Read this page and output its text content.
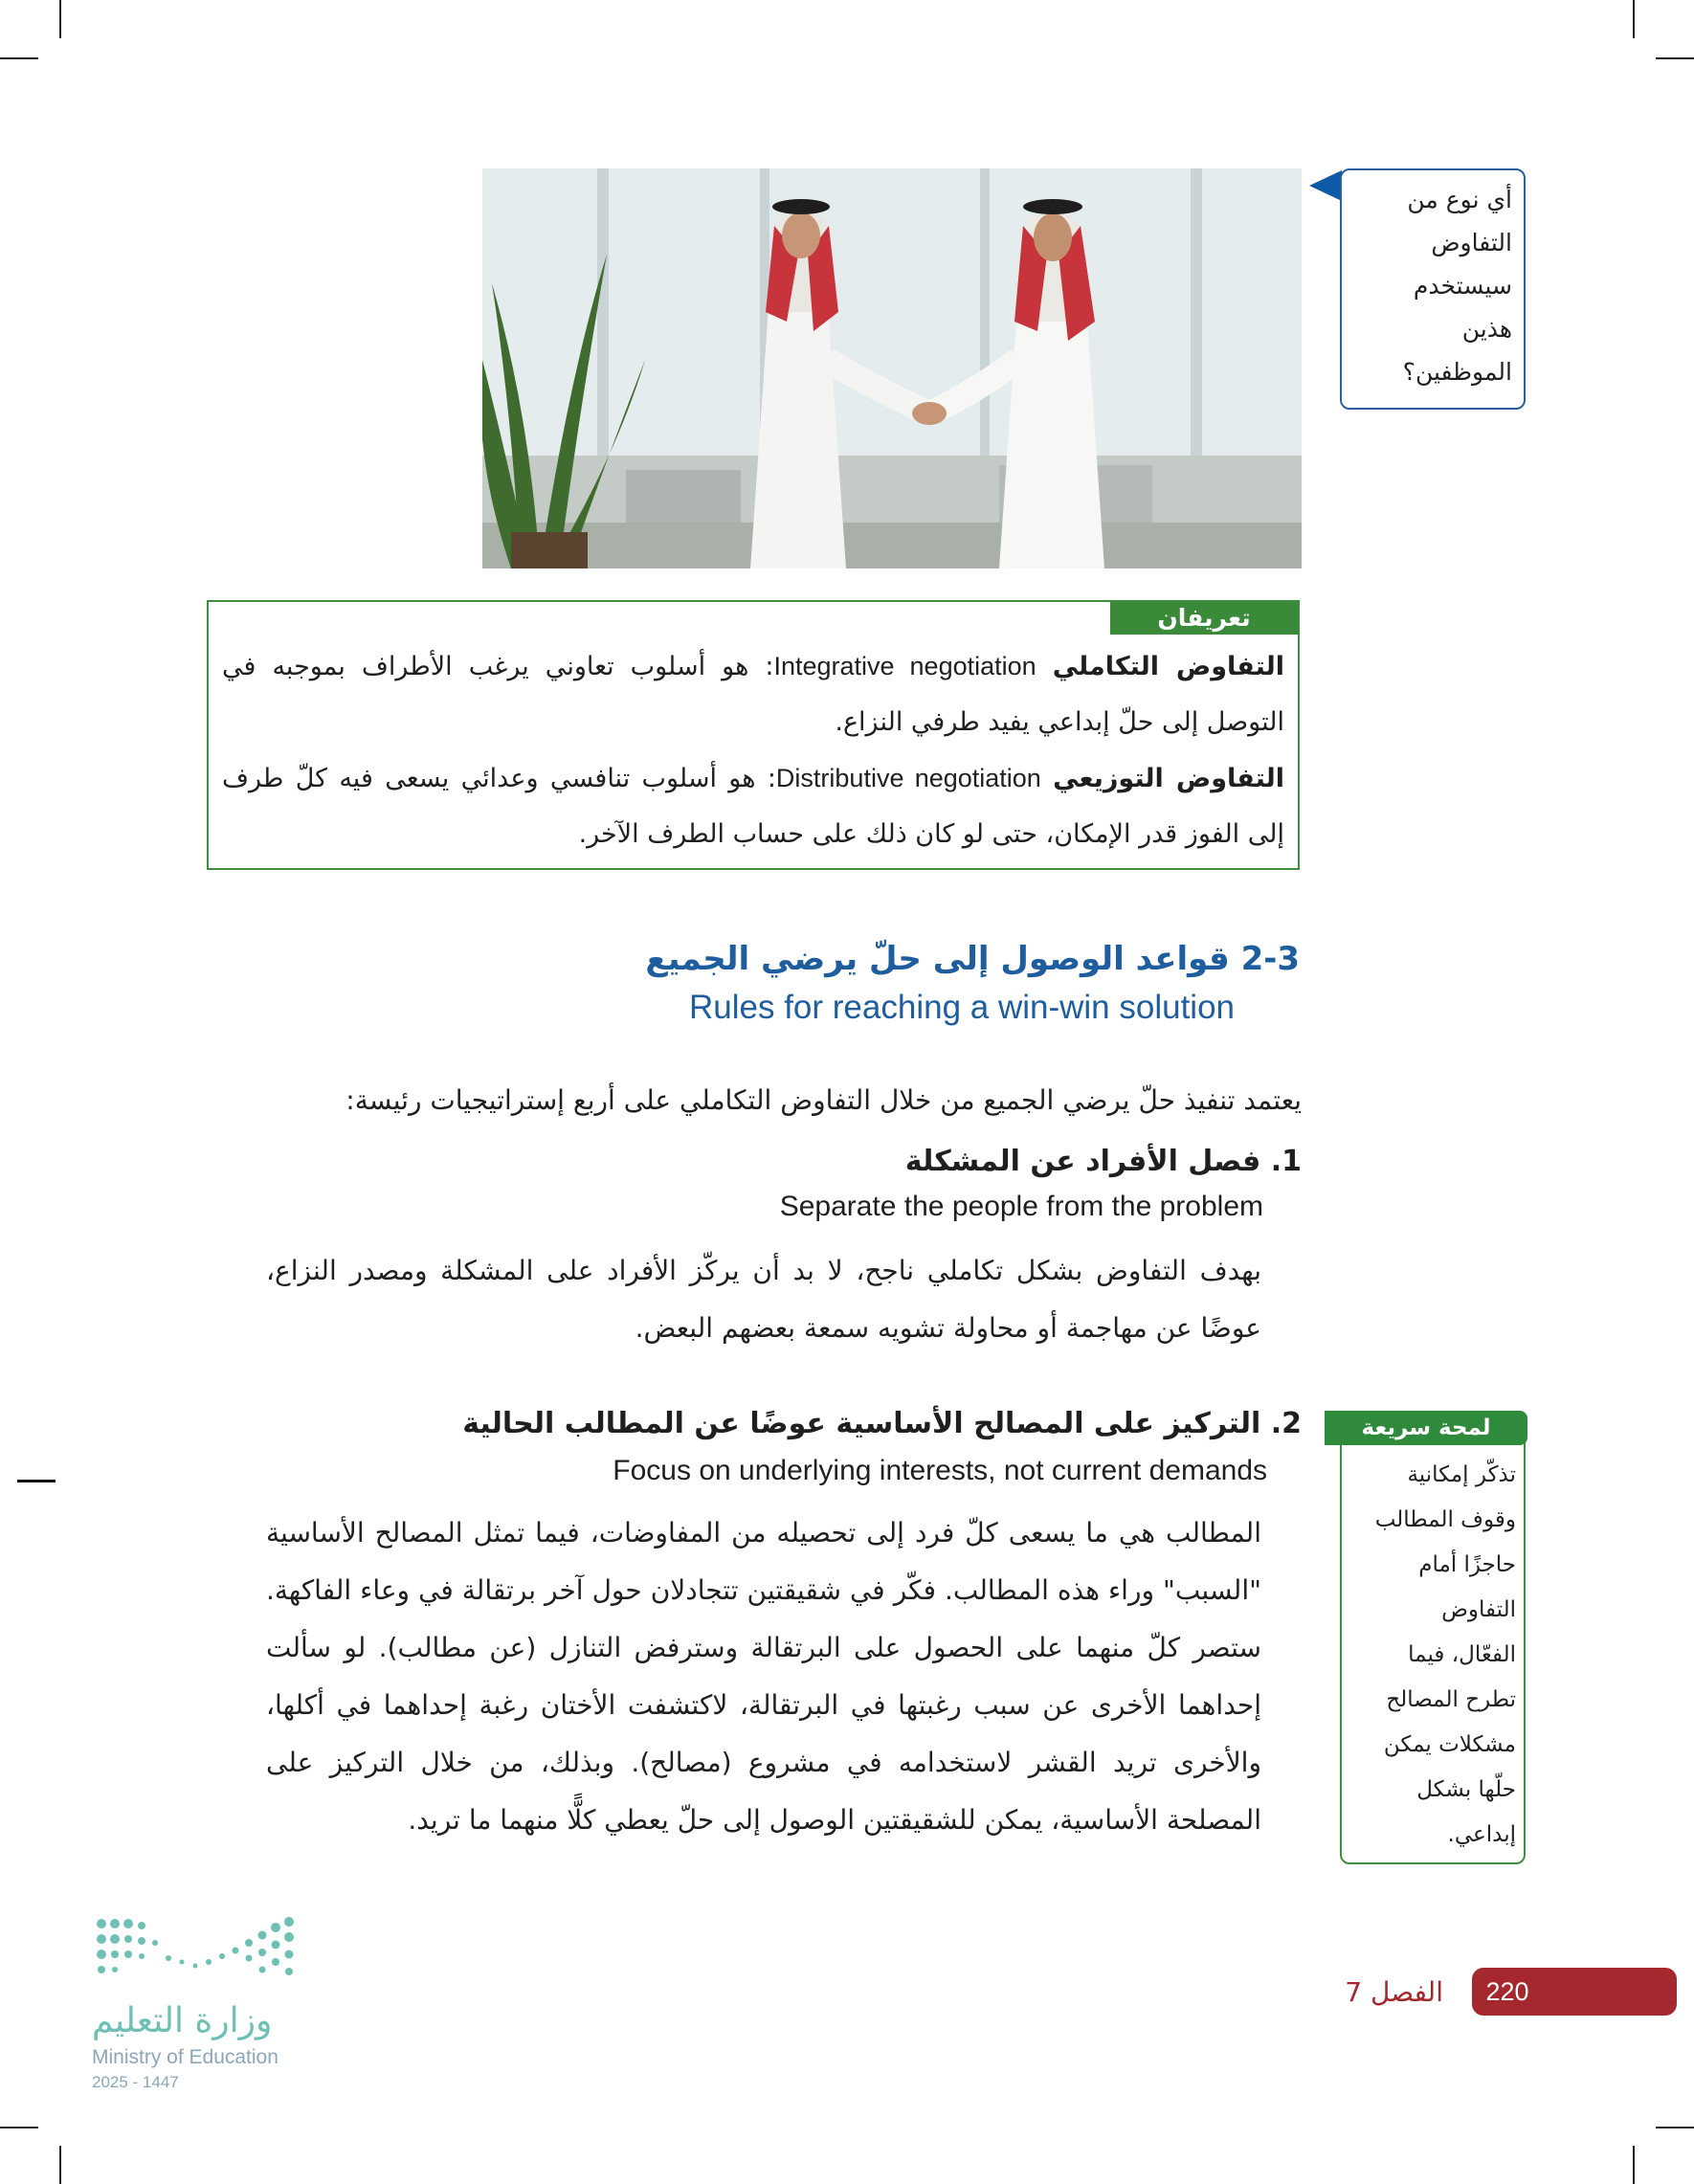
أي نوع من

التفاوض

سيستخدم

هذين

الموظفين؟

تعريفان

التفاوض التكاملي Integrative negotiation: هو أسلوب تعاوني يرغب الأطراف بموجبه في التوصل إلى حلّ إبداعي يفيد طرفي النزاع.

التفاوض التوزيعي Distributive negotiation: هو أسلوب تنافسي وعدائي يسعى فيه كلّ طرف إلى الفوز قدر الإمكان، حتى لو كان ذلك على حساب الطرف الآخر.

2-3 قواعد الوصول إلى حلّ يرضي الجميع
Rules for reaching a win-win solution
يعتمد تنفيذ حلّ يرضي الجميع من خلال التفاوض التكاملي على أربع إستراتيجيات رئيسة:
1. فصل الأفراد عن المشكلة
Separate the people from the problem
بهدف التفاوض بشكل تكاملي ناجح، لا بد أن يركّز الأفراد على المشكلة ومصدر النزاع، عوضًا عن مهاجمة أو محاولة تشويه سمعة بعضهم البعض.
2. التركيز على المصالح الأساسية عوضًا عن المطالب الحالية
Focus on underlying interests, not current demands
المطالب هي ما يسعى كلّ فرد إلى تحصيله من المفاوضات، فيما تمثل المصالح الأساسية "السبب" وراء هذه المطالب. فكّر في شقيقتين تتجادلان حول آخر برتقالة في وعاء الفاكهة. ستصر كلّ منهما على الحصول على البرتقالة وسترفض التنازل (عن مطالب). لو سألت إحداهما الأخرى عن سبب رغبتها في البرتقالة، لاكتشفت الأختان رغبة إحداهما في أكلها، والأخرى تريد القشر لاستخدامه في مشروع (مصالح). وبذلك، من خلال التركيز على المصلحة الأساسية، يمكن للشقيقتين الوصول إلى حلّ يعطي كلًّا منهما ما تريد.
لمحة سريعة

تذكّر إمكانية

وقوف المطالب

حاجزًا أمام

التفاوض

الفعّال، فيما

تطرح المصالح

مشكلات يمكن

حلّها بشكل

إبداعي.

220
الفصل 7
وزارة التعليم
Ministry of Education
2025 - 1447
